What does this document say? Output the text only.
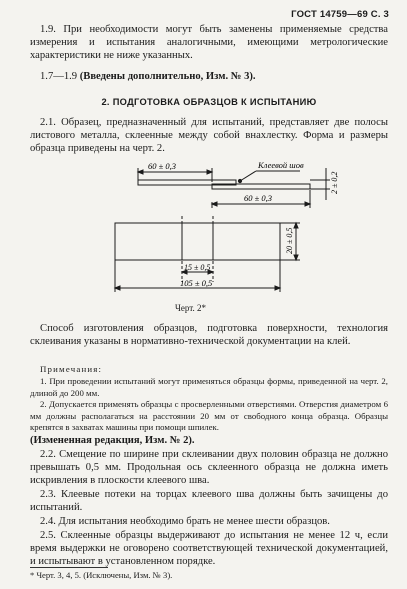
ГОСТ 14759—69 С. 3

1.9. При необходимости могут быть заменены применяемые средства измерения и испытания аналогичными, имеющими метрологические характеристики не ниже указанных.

1.7—1.9 (Введены дополнительно, Изм. № 3).

2. ПОДГОТОВКА ОБРАЗЦОВ К ИСПЫТАНИЮ

2.1. Образец, предназначенный для испытаний, представляет две полосы листового металла, склеенные между собой внахлестку. Форма и размеры образца приведены на черт. 2.

60 ± 0,3	Клеевой шов
60 ± 0,3
2 ± 0,2
20 ± 0,5
15 ± 0,5
105 ± 0,5
Черт. 2*

Способ изготовления образцов, подготовка поверхности, технология склеивания указаны в нормативно-технической документации на клей.

Примечания:

1. При проведении испытаний могут применяться образцы формы, приведенной на черт. 2, длиной до 200 мм.

2. Допускается применять образцы с просверленными отверстиями. Отверстия диаметром 6 мм должны располагаться на расстоянии 20 мм от свободного конца образца. Образцы крепятся в захватах машины при помощи шпилек.

(Измененная редакция, Изм. № 2).

2.2. Смещение по ширине при склеивании двух половин образца не должно превышать 0,5 мм. Продольная ось склеенного образца не должна иметь искривления в плоскости клеевого шва.

2.3. Клеевые потеки на торцах клеевого шва должны быть зачищены до испытаний.

2.4. Для испытания необходимо брать не менее шести образцов.

2.5. Склеенные образцы выдерживают до испытания не менее 12 ч, если время выдержки не оговорено соответствующей технической документацией, и испытывают в установленном порядке.

* Черт. 3, 4, 5. (Исключены, Изм. № 3).
